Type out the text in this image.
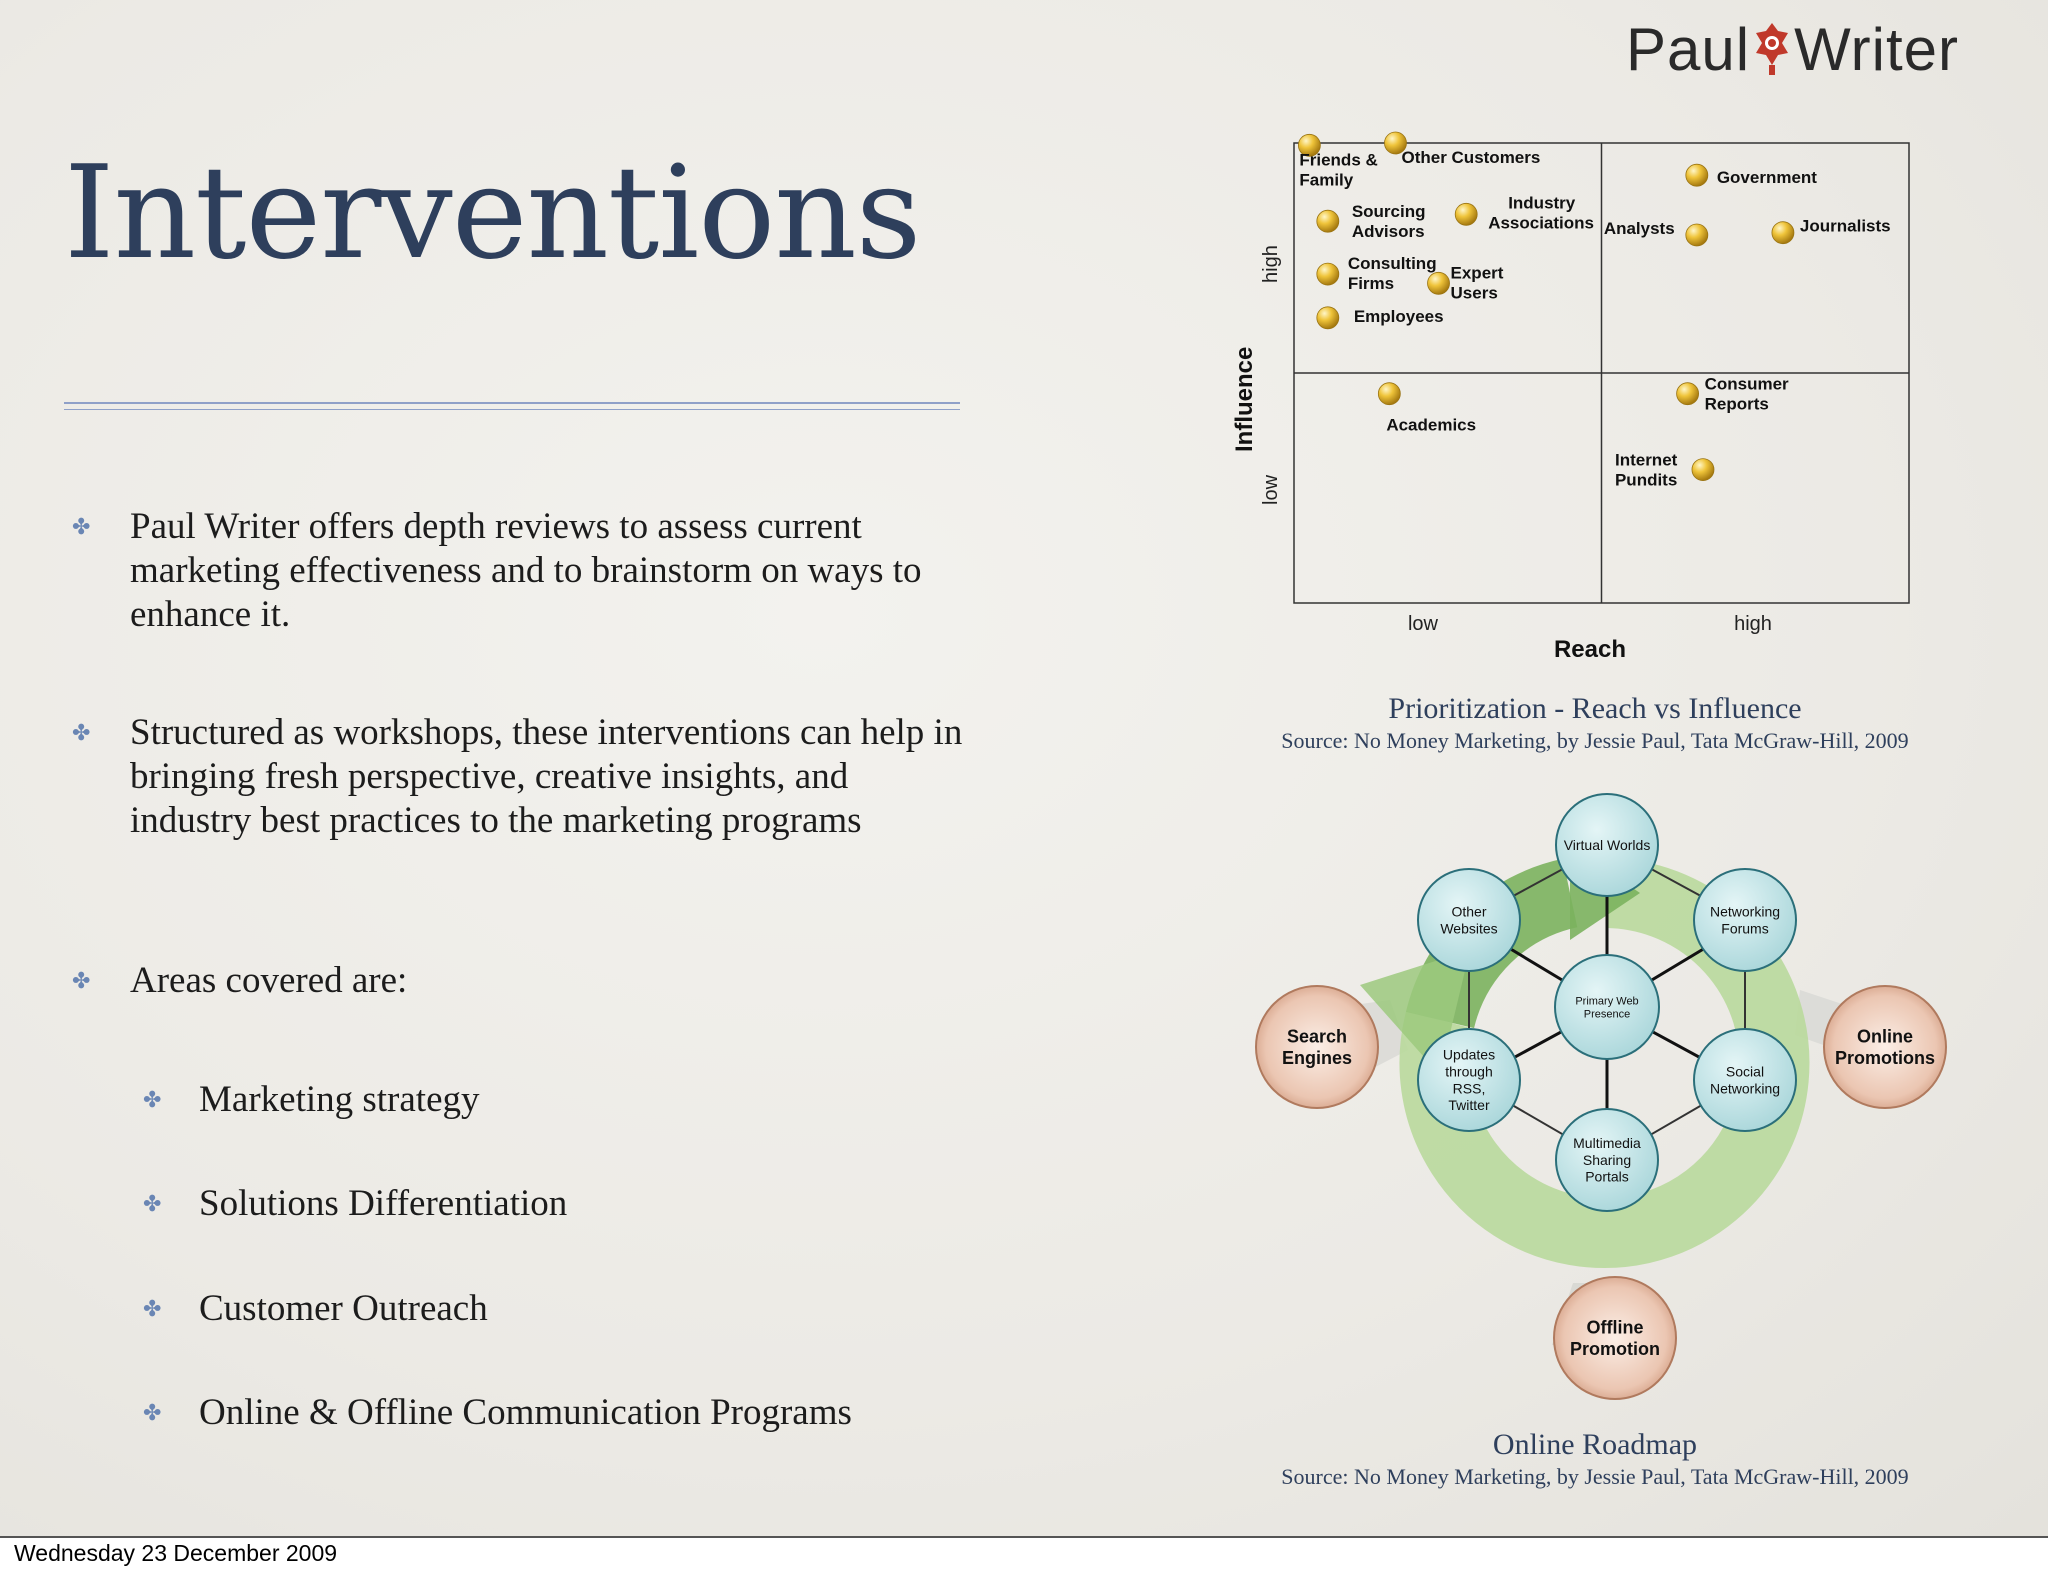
Paul Writer
Interventions
✤ Paul Writer offers depth reviews to assess current marketing effectiveness and to brainstorm on ways to enhance it.
✤ Structured as workshops, these interventions can help in bringing fresh perspective, creative insights, and industry best practices to the marketing programs
✤ Areas covered are:
✤ Marketing strategy
✤ Solutions Differentiation
✤ Customer Outreach
✤ Online & Offline Communication Programs
Friends & Family
Other Customers
Sourcing Advisors
Industry Associations
Consulting Firms
Expert Users
Employees
Government
Analysts	Journalists
Academics
Consumer Reports
Internet Pundits
high
low
Influence
low	high
Reach
Prioritization - Reach vs Influence
Source: No Money Marketing, by Jessie Paul, Tata McGraw-Hill, 2009
Virtual Worlds
Networking Forums
Social Networking
Multimedia Sharing Portals
Updates through RSS, Twitter
Other Websites
Primary Web Presence
Search Engines
Online Promotions
Offline Promotion
Online Roadmap
Source: No Money Marketing, by Jessie Paul, Tata McGraw-Hill, 2009
Wednesday 23 December 2009
